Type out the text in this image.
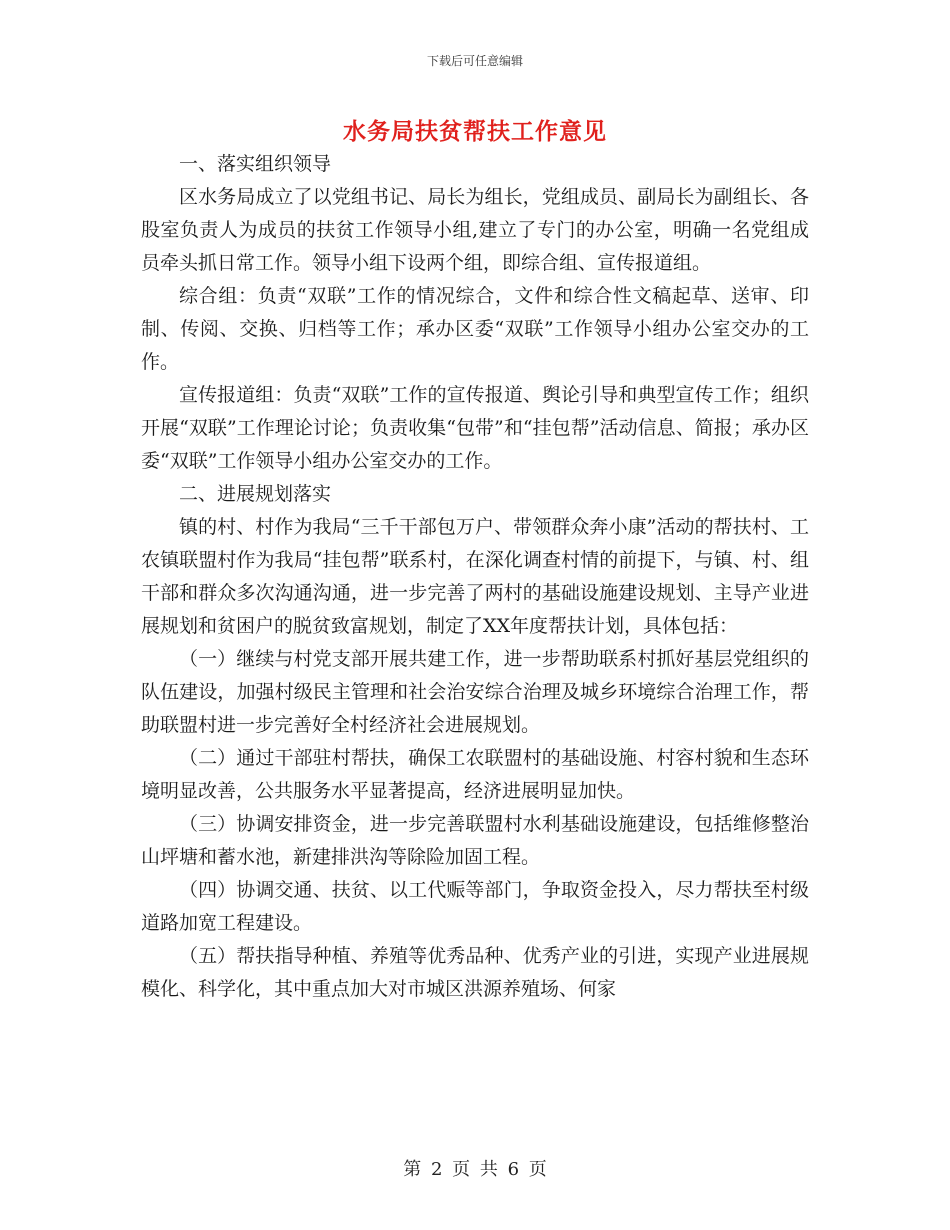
下载后可任意编辑
水务局扶贫帮扶工作意见

一、落实组织领导

区水务局成立了以党组书记、局长为组长，党组成员、副局长为副组长、各股室负责人为成员的扶贫工作领导小组,建立了专门的办公室，明确一名党组成员牵头抓日常工作。领导小组下设两个组，即综合组、宣传报道组。

综合组：负责“双联”工作的情况综合，文件和综合性文稿起草、送审、印制、传阅、交换、归档等工作；承办区委“双联”工作领导小组办公室交办的工作。

宣传报道组：负责“双联”工作的宣传报道、舆论引导和典型宣传工作；组织开展“双联”工作理论讨论；负责收集“包带”和“挂包帮”活动信息、简报；承办区委“双联”工作领导小组办公室交办的工作。

二、进展规划落实

镇的村、村作为我局“三千干部包万户、带领群众奔小康”活动的帮扶村、工农镇联盟村作为我局“挂包帮”联系村，在深化调查村情的前提下，与镇、村、组干部和群众多次沟通沟通，进一步完善了两村的基础设施建设规划、主导产业进展规划和贫困户的脱贫致富规划，制定了XX年度帮扶计划，具体包括：

（一）继续与村党支部开展共建工作，进一步帮助联系村抓好基层党组织的队伍建设，加强村级民主管理和社会治安综合治理及城乡环境综合治理工作，帮助联盟村进一步完善好全村经济社会进展规划。

（二）通过干部驻村帮扶，确保工农联盟村的基础设施、村容村貌和生态环境明显改善，公共服务水平显著提高，经济进展明显加快。

（三）协调安排资金，进一步完善联盟村水利基础设施建设，包括维修整治山坪塘和蓄水池，新建排洪沟等除险加固工程。

（四）协调交通、扶贫、以工代赈等部门，争取资金投入，尽力帮扶至村级道路加宽工程建设。

（五）帮扶指导种植、养殖等优秀品种、优秀产业的引进，实现产业进展规模化、科学化，其中重点加大对市城区洪源养殖场、何家

第 2 页 共 6 页
